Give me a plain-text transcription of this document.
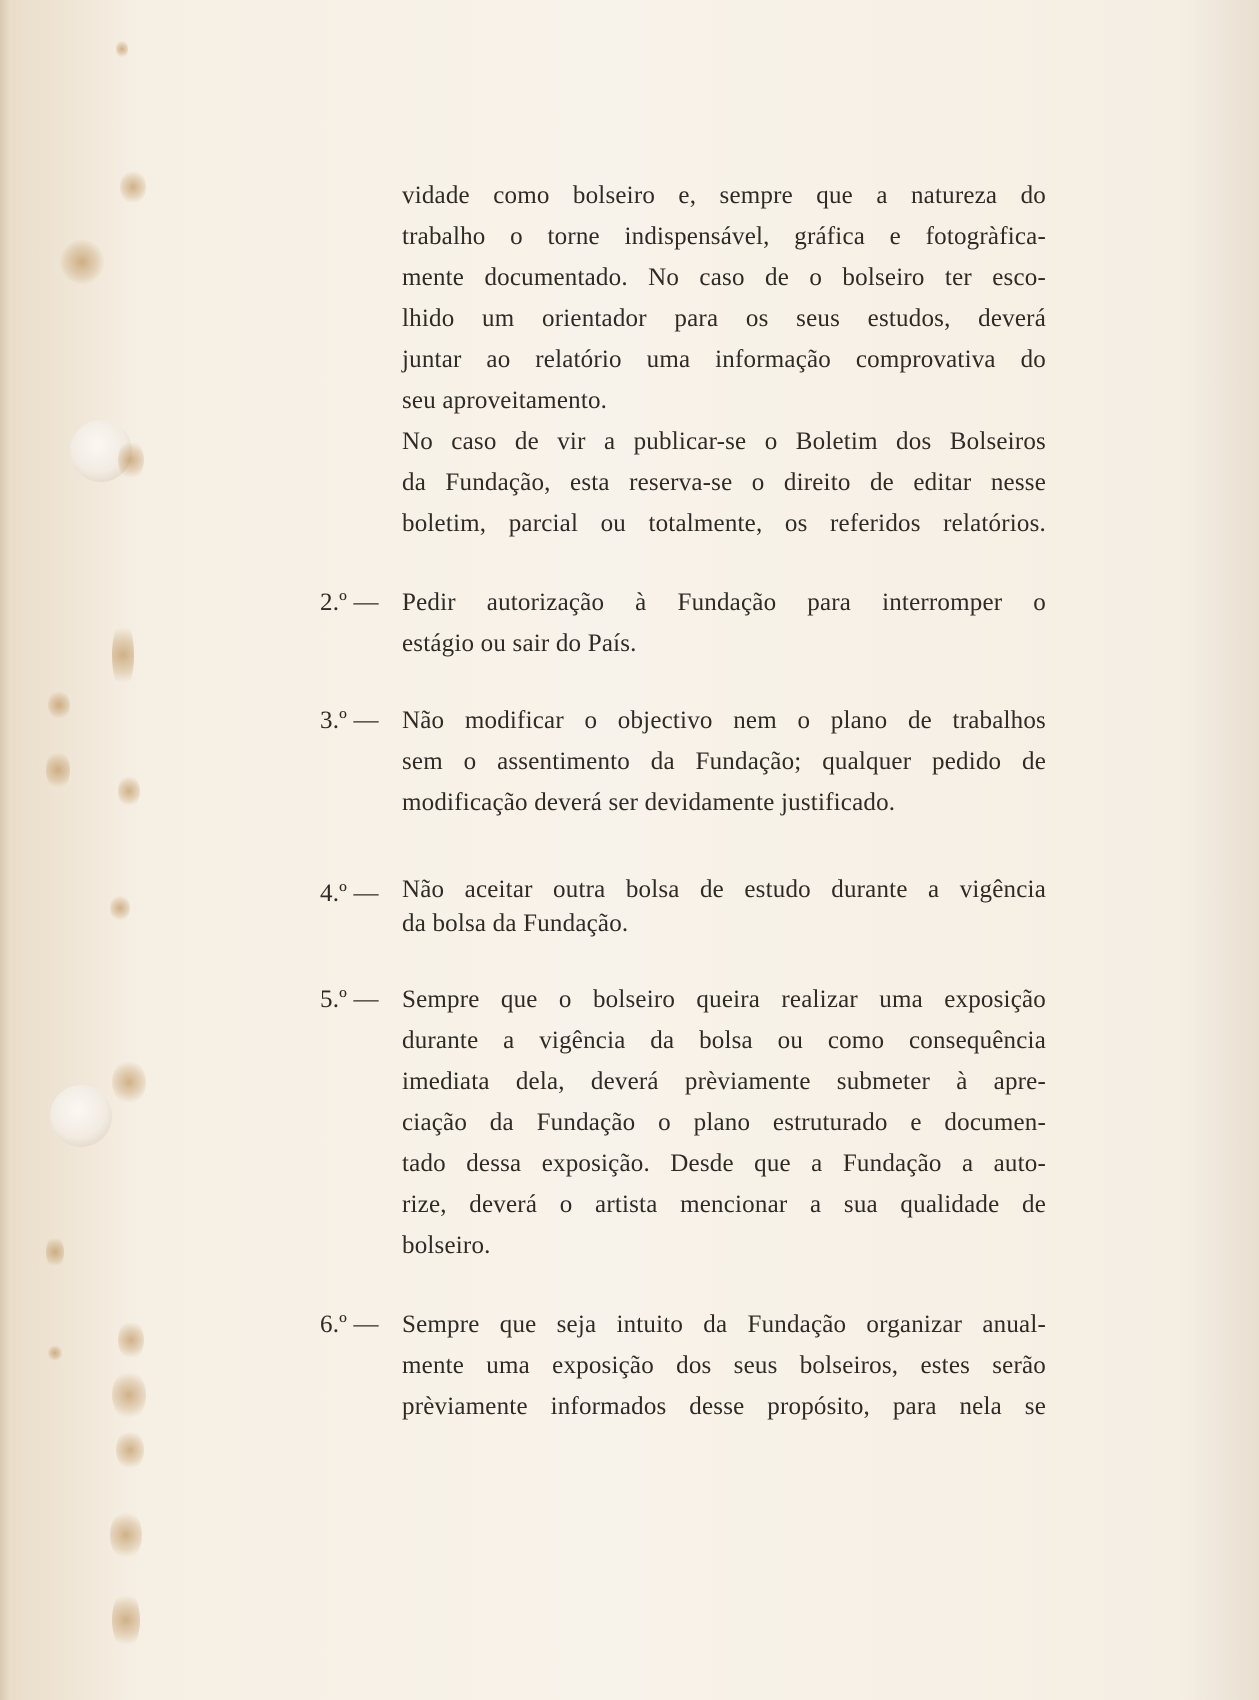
vidade como bolseiro e, sempre que a natureza do
trabalho o torne indispensável, gráfica e fotogràfica-
mente documentado. No caso de o bolseiro ter esco-
lhido um orientador para os seus estudos, deverá
juntar ao relatório uma informação comprovativa do
seu aproveitamento.
No caso de vir a publicar-se o Boletim dos Bolseiros
da Fundação, esta reserva-se o direito de editar nesse
boletim, parcial ou totalmente, os referidos relatórios.
2.º — Pedir autorização à Fundação para interromper o
estágio ou sair do País.
3.º — Não modificar o objectivo nem o plano de trabalhos
sem o assentimento da Fundação; qualquer pedido de
modificação deverá ser devidamente justificado.
4.º — Não aceitar outra bolsa de estudo durante a vigência
da bolsa da Fundação.
5.º — Sempre que o bolseiro queira realizar uma exposição
durante a vigência da bolsa ou como consequência
imediata dela, deverá prèviamente submeter à apre-
ciação da Fundação o plano estruturado e documen-
tado dessa exposição. Desde que a Fundação a auto-
rize, deverá o artista mencionar a sua qualidade de
bolseiro.
6.º — Sempre que seja intuito da Fundação organizar anual-
mente uma exposição dos seus bolseiros, estes serão
prèviamente informados desse propósito, para nela se
